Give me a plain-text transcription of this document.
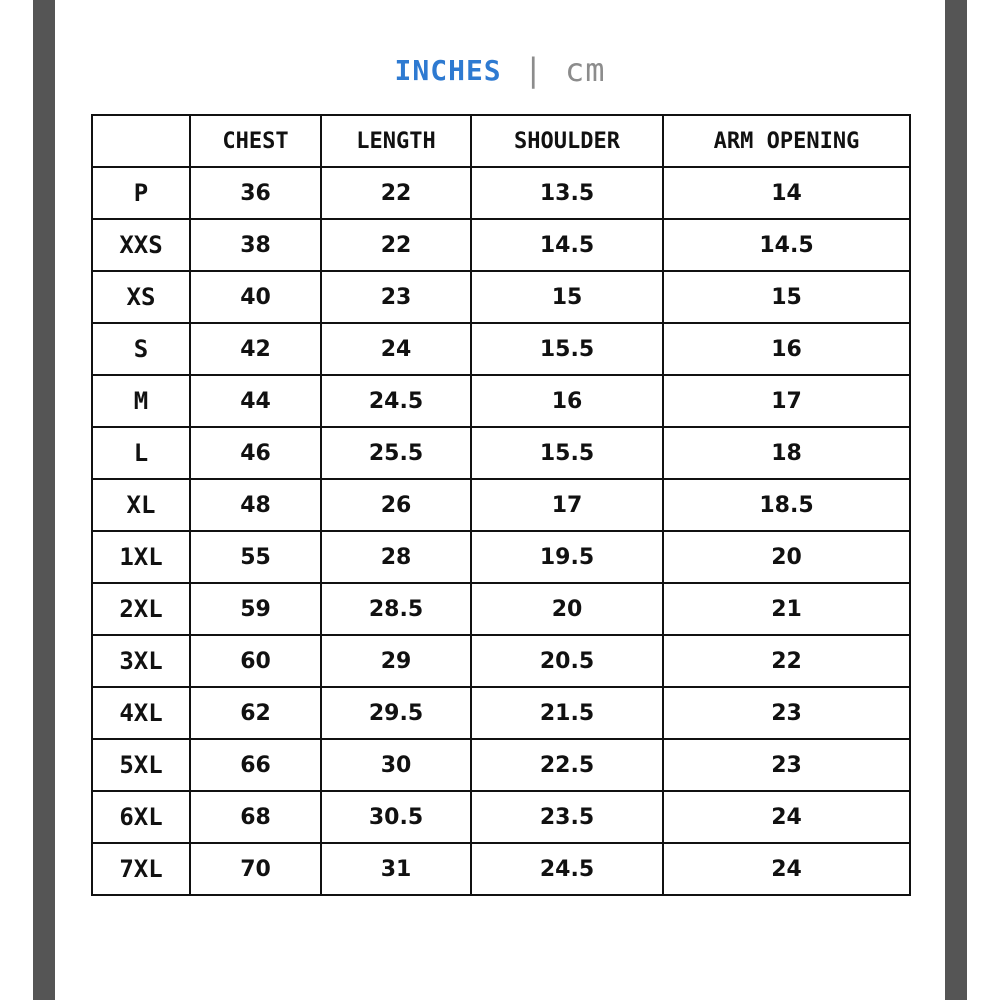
INCHES | cm
	CHEST	LENGTH	SHOULDER	ARM OPENING
P	36	22	13.5	14
XXS	38	22	14.5	14.5
XS	40	23	15	15
S	42	24	15.5	16
M	44	24.5	16	17
L	46	25.5	15.5	18
XL	48	26	17	18.5
1XL	55	28	19.5	20
2XL	59	28.5	20	21
3XL	60	29	20.5	22
4XL	62	29.5	21.5	23
5XL	66	30	22.5	23
6XL	68	30.5	23.5	24
7XL	70	31	24.5	24
